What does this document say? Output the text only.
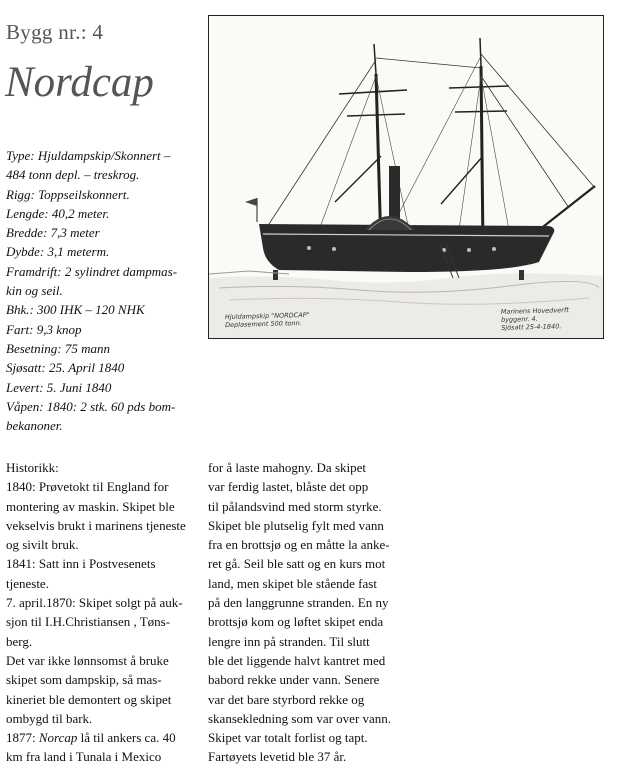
Bygg nr.: 4
Nordcap
Type: Hjuldampskip/Skonnert –
484 tonn depl. – treskrog.
Rigg: Toppseilskonnert.
Lengde: 40,2 meter.
Bredde: 7,3 meter
Dybde: 3,1 meterm.
Framdrift: 2 sylindret dampmas-
kin og seil.
Bhk.: 300 IHK – 120 NHK
Fart: 9,3 knop
Besetning: 75 mann
Sjøsatt: 25. April 1840
Levert: 5. Juni 1840
Våpen: 1840: 2 stk. 60 pds bom-
bekanoner.
Hjuldampskip "NORDCAP"
Deplasement 500 tonn.
Marinens Hovedverft
byggenr. 4.
Sjösatt 25-4-1840.
Historikk:
1840: Prøvetokt til England for
montering av maskin. Skipet ble
vekselvis brukt i marinens tjeneste
og sivilt bruk.
1841: Satt inn i Postvesenets
tjeneste.
7. april.1870: Skipet solgt på auk-
sjon til I.H.Christiansen , Tøns-
berg.
Det var ikke lønnsomst å bruke
skipet som dampskip, så mas-
kineriet ble demontert og skipet
ombygd til bark.
1877: Norcap lå til ankers ca. 40
km fra land i Tunala i Mexico
for å laste mahogny. Da skipet
var ferdig lastet, blåste det opp
til pålandsvind med storm styrke.
Skipet ble plutselig fylt med vann
fra en brottsjø og en måtte la anke-
ret gå. Seil ble satt og en kurs mot
land, men skipet ble stående fast
på den langgrunne stranden. En ny
brottsjø kom og løftet skipet enda
lengre inn på stranden. Til slutt
ble det liggende halvt kantret med
babord rekke under vann. Senere
var det bare styrbord rekke og
skansekledning som var over vann.
Skipet var totalt forlist og tapt.
Fartøyets levetid ble 37 år.
